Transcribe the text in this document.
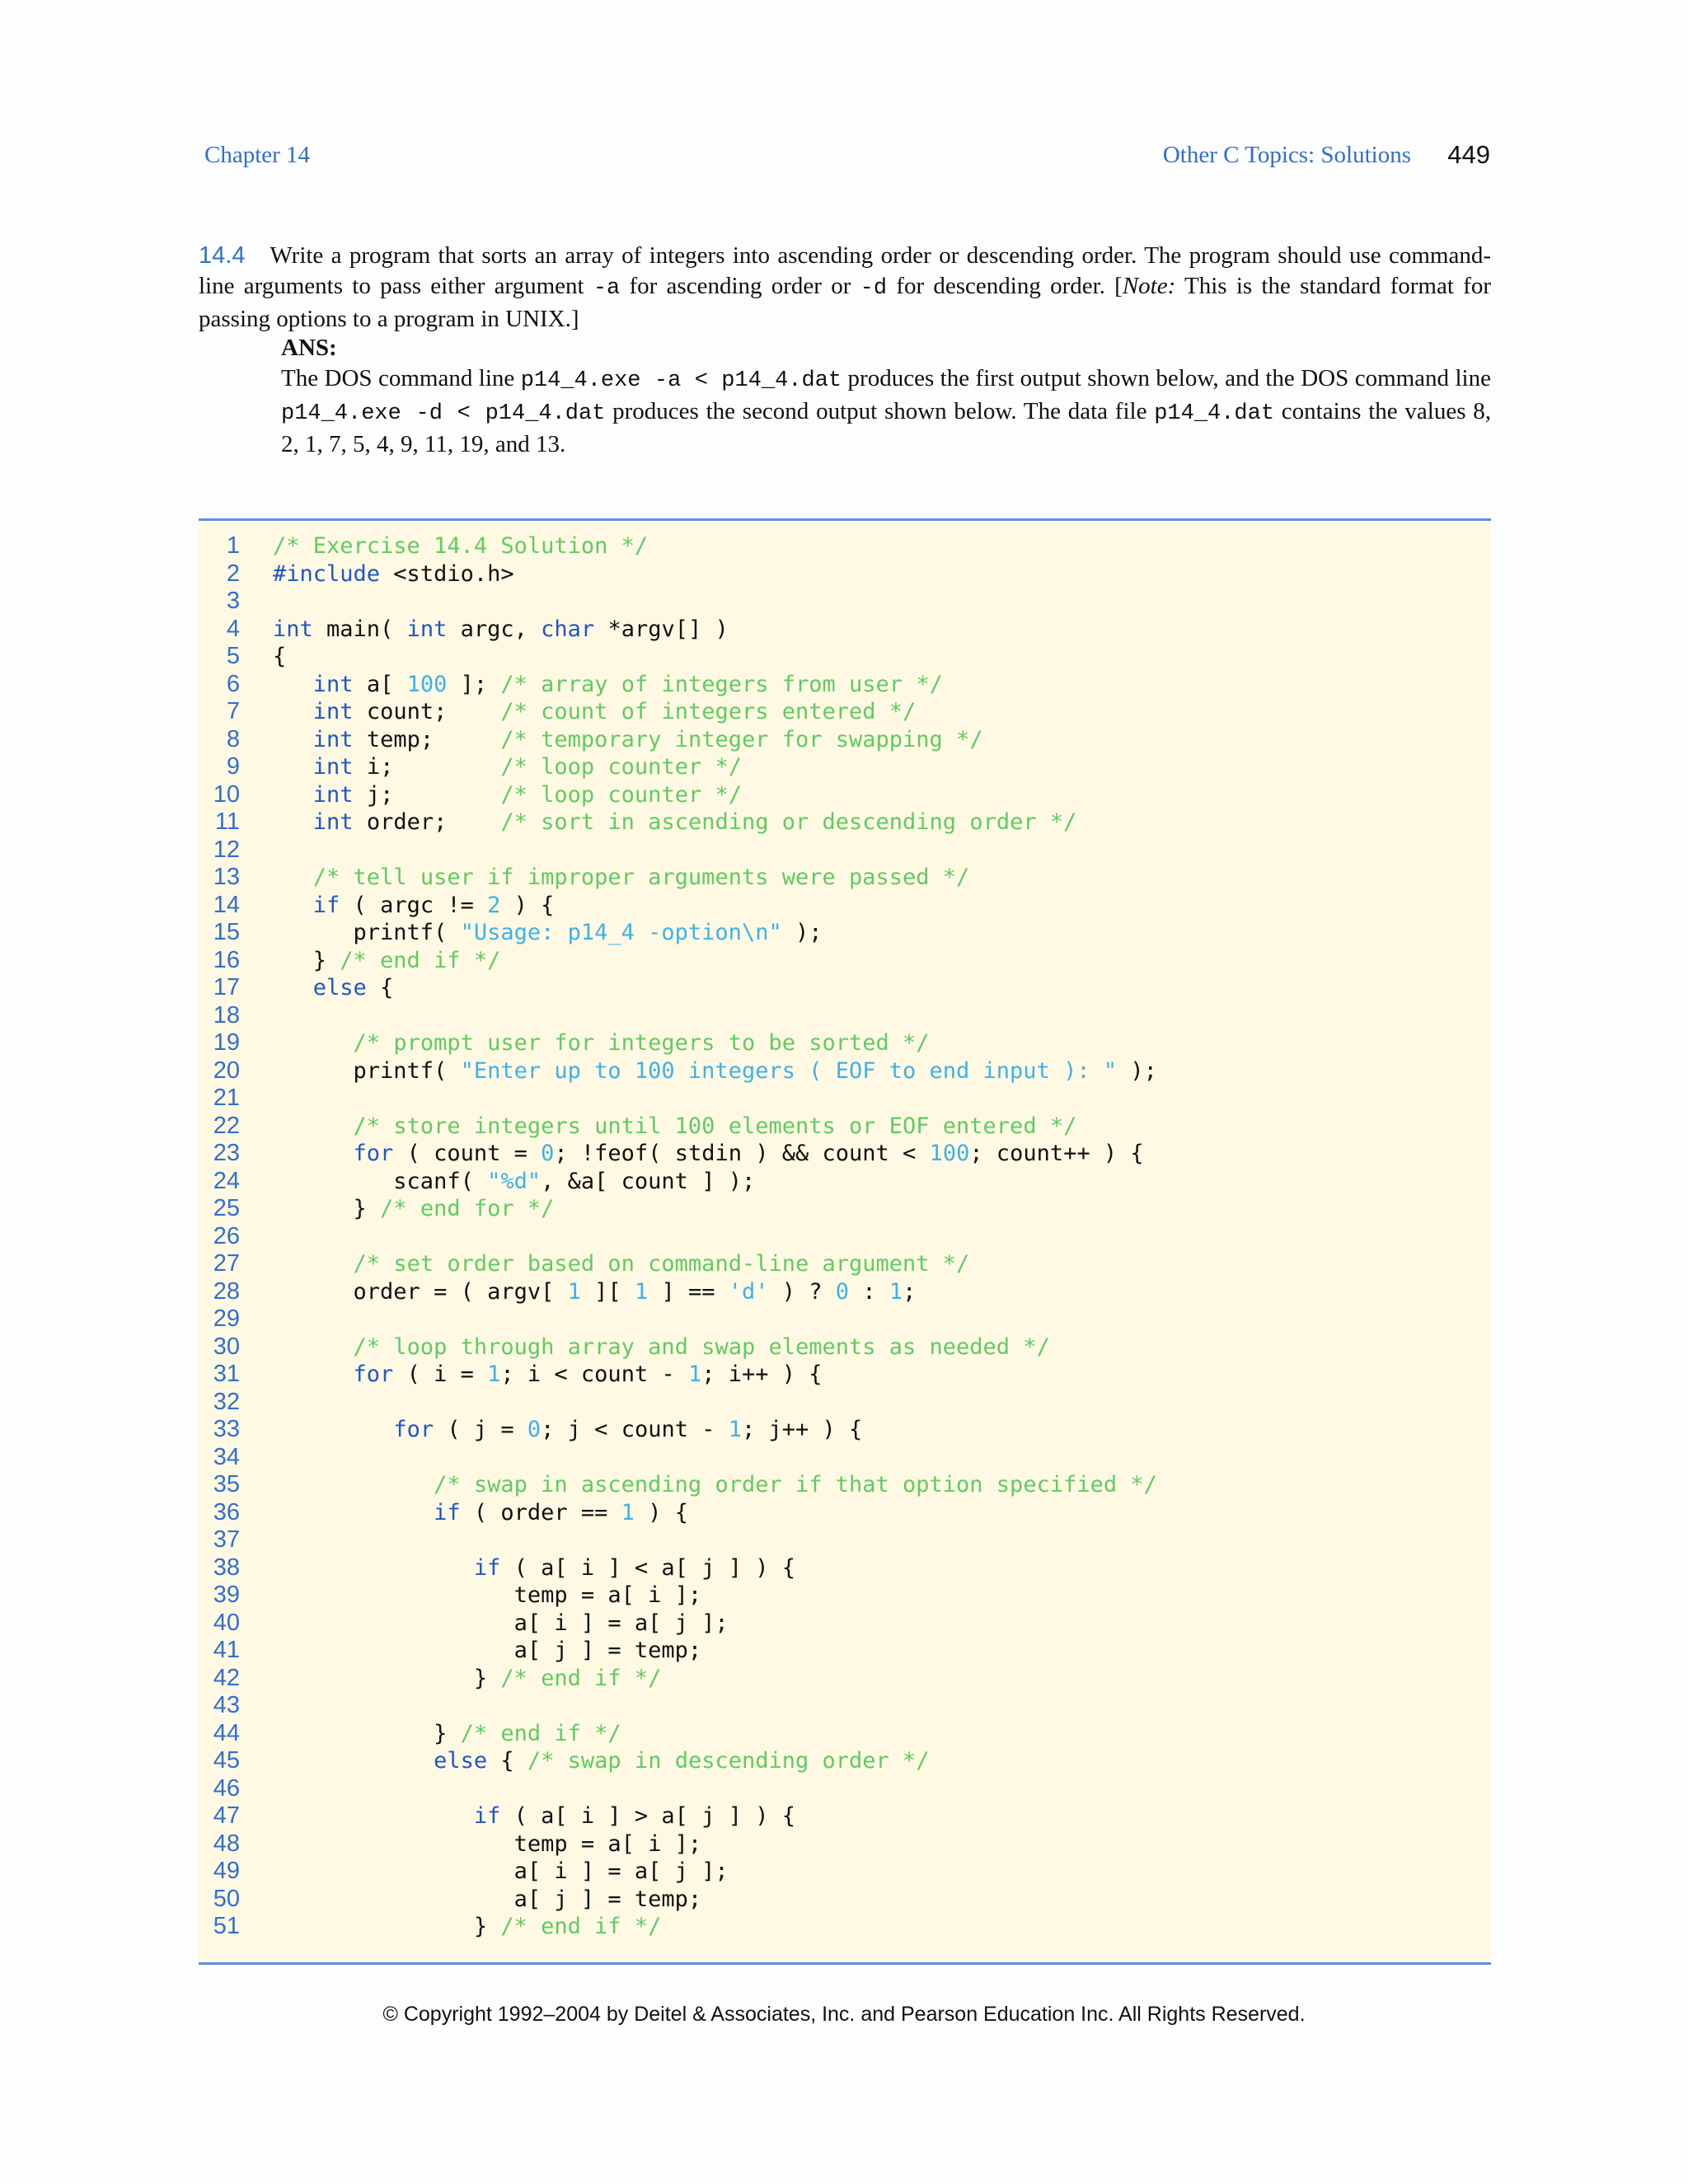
Chapter 14	Other C Topics: Solutions 449
14.4 Write a program that sorts an array of integers into ascending order or descending order. The program should use command-line arguments to pass either argument -a for ascending order or -d for descending order. [Note: This is the standard format for passing options to a program in UNIX.]
ANS:
The DOS command line p14_4.exe -a < p14_4.dat produces the first output shown below, and the DOS command line p14_4.exe -d < p14_4.dat produces the second output shown below. The data file p14_4.dat contains the values 8, 2, 1, 7, 5, 4, 9, 11, 19, and 13.
1 /* Exercise 14.4 Solution */
2 #include <stdio.h>
3
4 int main( int argc, char *argv[] )
5 {
6	int a[ 100 ]; /* array of integers from user */
7	int count;    /* count of integers entered */
8	int temp;     /* temporary integer for swapping */
9	int i;        /* loop counter */
10	int j;        /* loop counter */
11	int order;    /* sort in ascending or descending order */
12
13	/* tell user if improper arguments were passed */
14	if ( argc != 2 ) {
15 printf( "Usage: p14_4 -option\n" );
16 } /* end if */
17	else {
18
19	/* prompt user for integers to be sorted */
20 printf( "Enter up to 100 integers ( EOF to end input ): " );
21
22	/* store integers until 100 elements or EOF entered */
23	for ( count = 0; !feof( stdin ) && count < 100; count++ ) {
24 scanf( "%d", &a[ count ] );
25 } /* end for */
26
27	/* set order based on command-line argument */
28 order = ( argv[ 1 ][ 1 ] == 'd' ) ? 0 : 1;
29
30	/* loop through array and swap elements as needed */
31	for ( i = 1; i < count - 1; i++ ) {
32
33	for ( j = 0; j < count - 1; j++ ) {
34
35	/* swap in ascending order if that option specified */
36	if ( order == 1 ) {
37
38	if ( a[ i ] < a[ j ] ) {
39 temp = a[ i ];
40 a[ i ] = a[ j ];
41 a[ j ] = temp;
42 } /* end if */
43
44 } /* end if */
45	else { /* swap in descending order */
46
47	if ( a[ i ] > a[ j ] ) {
48 temp = a[ i ];
49 a[ i ] = a[ j ];
50 a[ j ] = temp;
51 } /* end if */
© Copyright 1992–2004 by Deitel & Associates, Inc. and Pearson Education Inc. All Rights Reserved.
